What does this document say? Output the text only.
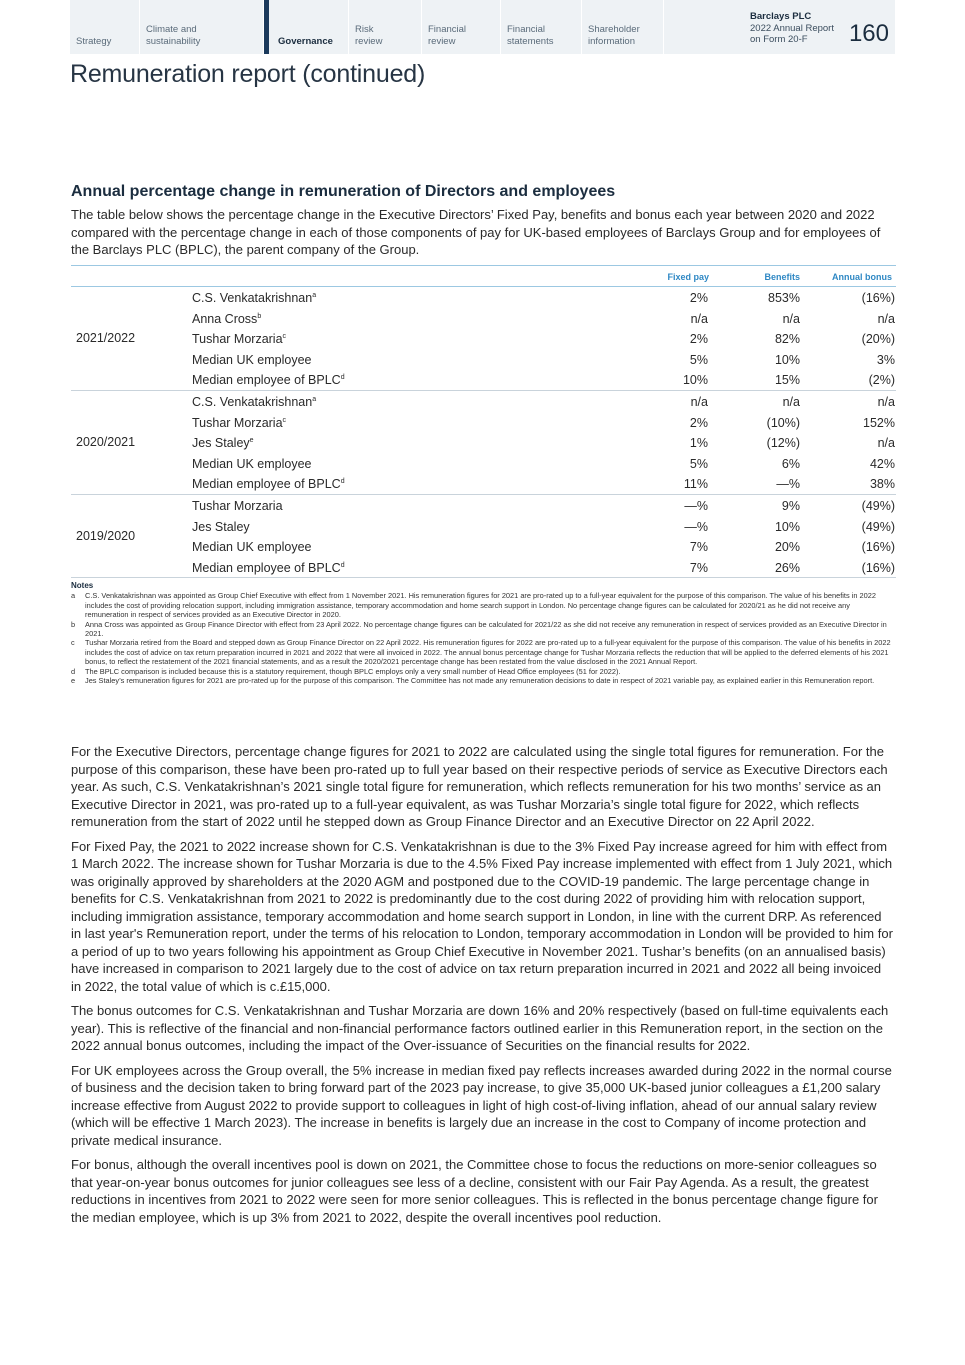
Strategy
Climate and
sustainability	Governance
Risk
review
Financial
review
Financial
statements
Shareholder
information
Barclays PLC
2022 Annual Report
on Form 20-F	160
Remuneration report (continued)
Annual percentage change in remuneration of Directors and employees

The table below shows the percentage change in the Executive Directors’ Fixed Pay, benefits and bonus each year between 2020 and 2022 compared with the percentage change in each of those components of pay for UK-based employees of Barclays Group and for employees of the Barclays PLC (BPLC), the parent company of the Group.

Fixed pay	Benefits	Annual bonus
2021/2022
C.S. Venkatakrishnan$^a$	2%	853%	(16%)
Anna Cross$^b$	n/a	n/a	n/a
Tushar Morzaria$^c$	2%	82%	(20%)
Median UK employee	5%	10%	3%
Median employee of BPLC$^d$	10%	15%	(2%)
2020/2021
C.S. Venkatakrishnan$^a$	n/a	n/a	n/a
Tushar Morzaria$^c$	2%	(10%)	152%
Jes Staley$^e$	1%	(12%)	n/a
Median UK employee	5%	6%	42%
Median employee of BPLC$^d$	11%	—%	38%
2019/2020
Tushar Morzaria	—%	9%	(49%)
Jes Staley	—%	10%	(49%)
Median UK employee	7%	20%	(16%)
Median employee of BPLC$^d$	7%	26%	(16%)
Notes
a C.S. Venkatakrishnan was appointed as Group Chief Executive with effect from 1 November 2021. His remuneration figures for 2021 are pro-rated up to a full-year equivalent for the purpose of this comparison. The value of his benefits in 2022 includes the cost of providing relocation support, including immigration assistance, temporary accommodation and home search support in London. No percentage change figures can be calculated for 2020/21 as he did not receive any remuneration in respect of services provided as an Executive Director in 2020.
b Anna Cross was appointed as Group Finance Director with effect from 23 April 2022. No percentage change figures can be calculated for 2021/22 as she did not receive any remuneration in respect of services provided as an Executive Director in 2021.
c Tushar Morzaria retired from the Board and stepped down as Group Finance Director on 22 April 2022. His remuneration figures for 2022 are pro-rated up to a full-year equivalent for the purpose of this comparison. The value of his benefits in 2022 includes the cost of advice on tax return preparation incurred in 2021 and 2022 that were all invoiced in 2022. The annual bonus percentage change for Tushar Morzaria reflects the reduction that will be applied to the deferred elements of his 2021 bonus, to reflect the restatement of the 2021 financial statements, and as a result the 2020/2021 percentage change has been restated from the value disclosed in the 2021 Annual Report.
d The BPLC comparison is included because this is a statutory requirement, though BPLC employs only a very small number of Head Office employees (51 for 2022).
e Jes Staley’s remuneration figures for 2021 are pro-rated up for the purpose of this comparison. The Committee has not made any remuneration decisions to date in respect of 2021 variable pay, as explained earlier in this Remuneration report.

For the Executive Directors, percentage change figures for 2021 to 2022 are calculated using the single total figures for remuneration. For the purpose of this comparison, these have been pro-rated up to full year based on their respective periods of service as Executive Directors each year. As such, C.S. Venkatakrishnan’s 2021 single total figure for remuneration, which reflects remuneration for his two months’ service as an Executive Director in 2021, was pro-rated up to a full-year equivalent, as was Tushar Morzaria’s single total figure for 2022, which reflects remuneration from the start of 2022 until he stepped down as Group Finance Director and an Executive Director on 22 April 2022.

For Fixed Pay, the 2021 to 2022 increase shown for C.S. Venkatakrishnan is due to the 3% Fixed Pay increase agreed for him with effect from 1 March 2022. The increase shown for Tushar Morzaria is due to the 4.5% Fixed Pay increase implemented with effect from 1 July 2021, which was originally approved by shareholders at the 2020 AGM and postponed due to the COVID-19 pandemic. The large percentage change in benefits for C.S. Venkatakrishnan from 2021 to 2022 is predominantly due to the cost during 2022 of providing him with relocation support, including immigration assistance, temporary accommodation and home search support in London, in line with the current DRP. As referenced in last year's Remuneration report, under the terms of his relocation to London, temporary accommodation in London will be provided to him for a period of up to two years following his appointment as Group Chief Executive in November 2021. Tushar’s benefits (on an annualised basis) have increased in comparison to 2021 largely due to the cost of advice on tax return preparation incurred in 2021 and 2022 all being invoiced in 2022, the total value of which is c.£15,000.

The bonus outcomes for C.S. Venkatakrishnan and Tushar Morzaria are down 16% and 20% respectively (based on full-time equivalents each year). This is reflective of the financial and non-financial performance factors outlined earlier in this Remuneration report, in the section on the 2022 annual bonus outcomes, including the impact of the Over-issuance of Securities on the financial results for 2022.

For UK employees across the Group overall, the 5% increase in median fixed pay reflects increases awarded during 2022 in the normal course of business and the decision taken to bring forward part of the 2023 pay increase, to give 35,000 UK-based junior colleagues a £1,200 salary increase effective from August 2022 to provide support to colleagues in light of high cost-of-living inflation, ahead of our annual salary review (which will be effective 1 March 2023). The increase in benefits is largely due an increase in the cost to Company of income protection and private medical insurance.

For bonus, although the overall incentives pool is down on 2021, the Committee chose to focus the reductions on more-senior colleagues so that year-on-year bonus outcomes for junior colleagues see less of a decline, consistent with our Fair Pay Agenda. As a result, the greatest reductions in incentives from 2021 to 2022 were seen for more senior colleagues. This is reflected in the bonus percentage change figure for the median employee, which is up 3% from 2021 to 2022, despite the overall incentives pool reduction.
